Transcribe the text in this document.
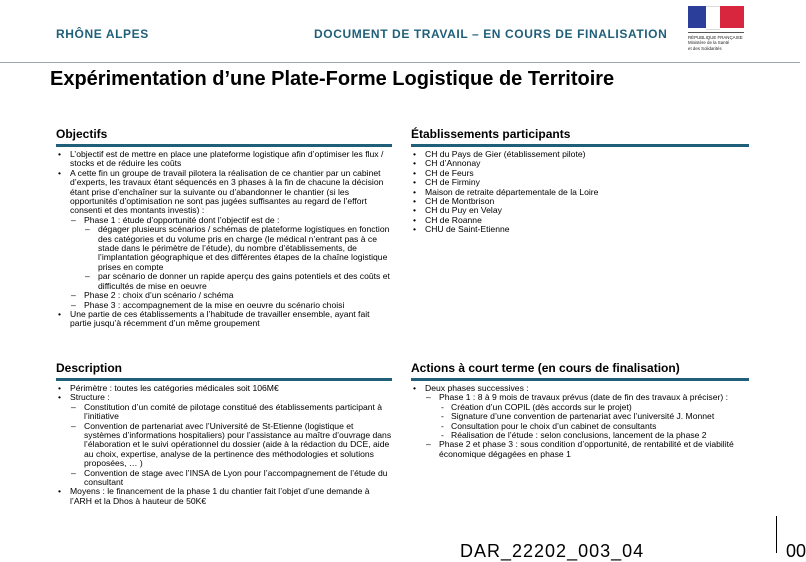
RHÔNE ALPES	DOCUMENT DE TRAVAIL – EN COURS DE FINALISATION	RÉPUBLIQUE FRANÇAISE
Ministère de la Santé
et des Solidarités
Expérimentation d’une Plate-Forme Logistique de Territoire
Objectifs
• L’objectif est de mettre en place une plateforme logistique afin d’optimiser les flux / stocks et de réduire les coûts
• A cette fin un groupe de travail pilotera la réalisation de ce chantier par un cabinet d’experts, les travaux étant séquencés en 3 phases à la fin de chacune la décision étant prise d’enchaîner sur la suivante ou d’abandonner le chantier (si les opportunités d’optimisation ne sont pas jugées suffisantes au regard de l’effort consenti et des montants investis) :
– Phase 1 : étude d’opportunité dont l’objectif est de :
– dégager plusieurs scénarios / schémas de plateforme logistiques en fonction des catégories et du volume pris en charge (le médical n’entrant pas à ce stade dans le périmètre de l’étude), du nombre d’établissements, de l’implantation géographique et des différentes étapes de la chaîne logistique prises en compte
– par scénario de donner un rapide aperçu des gains potentiels et des coûts et difficultés de mise en oeuvre
– Phase 2 : choix d’un scénario / schéma
– Phase 3 : accompagnement de la mise en oeuvre du scénario choisi
• Une partie de ces établissements a l’habitude de travailler ensemble, ayant fait partie jusqu’à récemment d’un même groupement
Établissements participants
• CH du Pays de Gier (établissement pilote)
• CH d’Annonay
• CH de Feurs
• CH de Firminy
• Maison de retraite départementale de la Loire
• CH de Montbrison
• CH du Puy en Velay
• CH de Roanne
• CHU de Saint-Etienne
Description
• Périmètre : toutes les catégories médicales soit 106M€
• Structure :
– Constitution d’un comité de pilotage constitué des établissements participant à l’initiative
– Convention de partenariat avec l’Université de St-Etienne (logistique et systèmes d’informations hospitaliers) pour l’assistance au maître d’ouvrage dans l’élaboration et le suivi opérationnel du dossier (aide à la rédaction du DCE, aide au choix, expertise, analyse de la pertinence des méthodologies et solutions proposées, … )
– Convention de stage avec l’INSA de Lyon pour l’accompagnement de l’étude du consultant
• Moyens : le financement de la phase 1 du chantier fait l’objet d’une demande à l’ARH et la Dhos à hauteur de 50K€
Actions à court terme (en cours de finalisation)
• Deux phases successives :
– Phase 1 : 8 à 9 mois de travaux prévus (date de fin des travaux à préciser) :
- Création d’un COPIL (dès accords sur le projet)
- Signature d’une convention de partenariat avec l’université J. Monnet
- Consultation pour le choix d’un cabinet de consultants
- Réalisation de l’étude : selon conclusions, lancement de la phase 2
– Phase 2 et phase 3 : sous condition d’opportunité, de rentabilité et de viabilité économique dégagées en phase 1
DAR_22202_003_04	00
